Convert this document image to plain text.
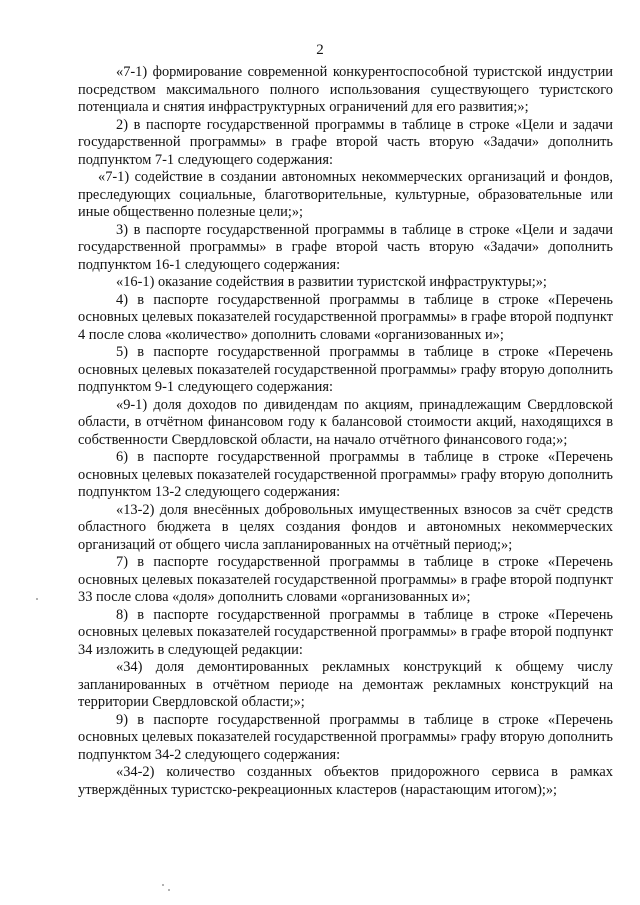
2

«7-1) формирование современной конкурентоспособной туристской индустрии посредством максимального полного использования существующего туристского потенциала и снятия инфраструктурных ограничений для его развития;»;

2) в паспорте государственной программы в таблице в строке «Цели и задачи государственной программы» в графе второй часть вторую «Задачи» дополнить подпунктом 7-1 следующего содержания:

«7-1) содействие в создании автономных некоммерческих организаций и фондов, преследующих социальные, благотворительные, культурные, образовательные или иные общественно полезные цели;»;

3) в паспорте государственной программы в таблице в строке «Цели и задачи государственной программы» в графе второй часть вторую «Задачи» дополнить подпунктом 16-1 следующего содержания:

«16-1) оказание содействия в развитии туристской инфраструктуры;»;

4) в паспорте государственной программы в таблице в строке «Перечень основных целевых показателей государственной программы» в графе второй подпункт 4 после слова «количество» дополнить словами «организованных и»;

5) в паспорте государственной программы в таблице в строке «Перечень основных целевых показателей государственной программы» графу вторую дополнить подпунктом 9-1 следующего содержания:

«9-1) доля доходов по дивидендам по акциям, принадлежащим Свердловской области, в отчётном финансовом году к балансовой стоимости акций, находящихся в собственности Свердловской области, на начало отчётного финансового года;»;

6) в паспорте государственной программы в таблице в строке «Перечень основных целевых показателей государственной программы» графу вторую дополнить подпунктом 13-2 следующего содержания:

«13-2) доля внесённых добровольных имущественных взносов за счёт средств областного бюджета в целях создания фондов и автономных некоммерческих организаций от общего числа запланированных на отчётный период;»;

7) в паспорте государственной программы в таблице в строке «Перечень основных целевых показателей государственной программы» в графе второй подпункт 33 после слова «доля» дополнить словами «организованных и»;

8) в паспорте государственной программы в таблице в строке «Перечень основных целевых показателей государственной программы» в графе второй подпункт 34 изложить в следующей редакции:

«34) доля демонтированных рекламных конструкций к общему числу запланированных в отчётном периоде на демонтаж рекламных конструкций на территории Свердловской области;»;

9) в паспорте государственной программы в таблице в строке «Перечень основных целевых показателей государственной программы» графу вторую дополнить подпунктом 34-2 следующего содержания:

«34-2) количество созданных объектов придорожного сервиса в рамках утверждённых туристско-рекреационных кластеров (нарастающим итогом);»;
